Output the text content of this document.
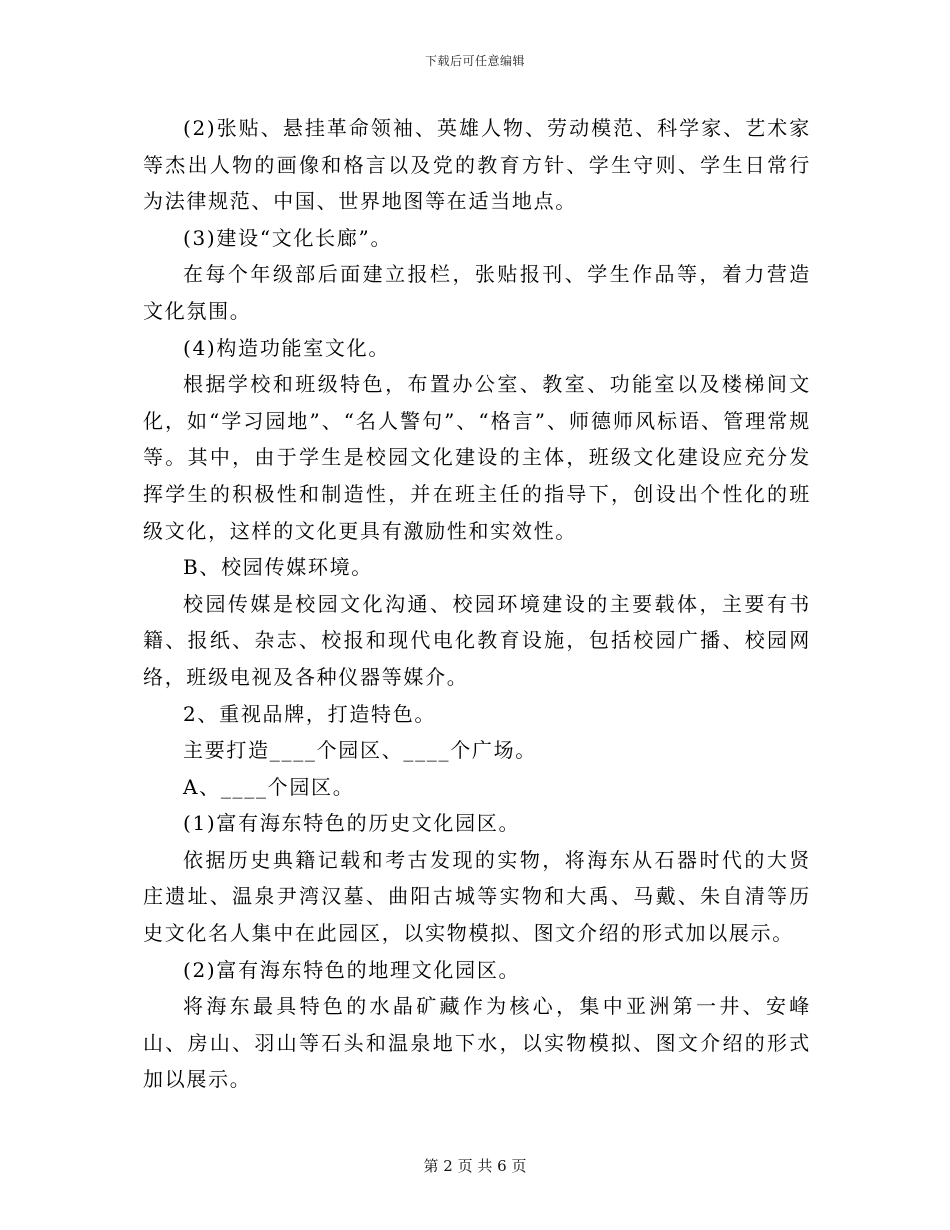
下载后可任意编辑

(2)张贴、悬挂革命领袖、英雄人物、劳动模范、科学家、艺术家等杰出人物的画像和格言以及党的教育方针、学生守则、学生日常行为法律规范、中国、世界地图等在适当地点。

(3)建设“文化长廊”。

在每个年级部后面建立报栏，张贴报刊、学生作品等，着力营造文化氛围。

(4)构造功能室文化。

根据学校和班级特色，布置办公室、教室、功能室以及楼梯间文化，如“学习园地”、“名人警句”、“格言”、师德师风标语、管理常规等。其中，由于学生是校园文化建设的主体，班级文化建设应充分发挥学生的积极性和制造性，并在班主任的指导下，创设出个性化的班级文化，这样的文化更具有激励性和实效性。

B、校园传媒环境。

校园传媒是校园文化沟通、校园环境建设的主要载体，主要有书籍、报纸、杂志、校报和现代电化教育设施，包括校园广播、校园网络，班级电视及各种仪器等媒介。

2、重视品牌，打造特色。

主要打造____个园区、____个广场。

A、____个园区。

(1)富有海东特色的历史文化园区。

依据历史典籍记载和考古发现的实物，将海东从石器时代的大贤庄遗址、温泉尹湾汉墓、曲阳古城等实物和大禹、马戴、朱自清等历史文化名人集中在此园区，以实物模拟、图文介绍的形式加以展示。

(2)富有海东特色的地理文化园区。

将海东最具特色的水晶矿藏作为核心，集中亚洲第一井、安峰山、房山、羽山等石头和温泉地下水，以实物模拟、图文介绍的形式加以展示。

第 2 页 共 6 页
